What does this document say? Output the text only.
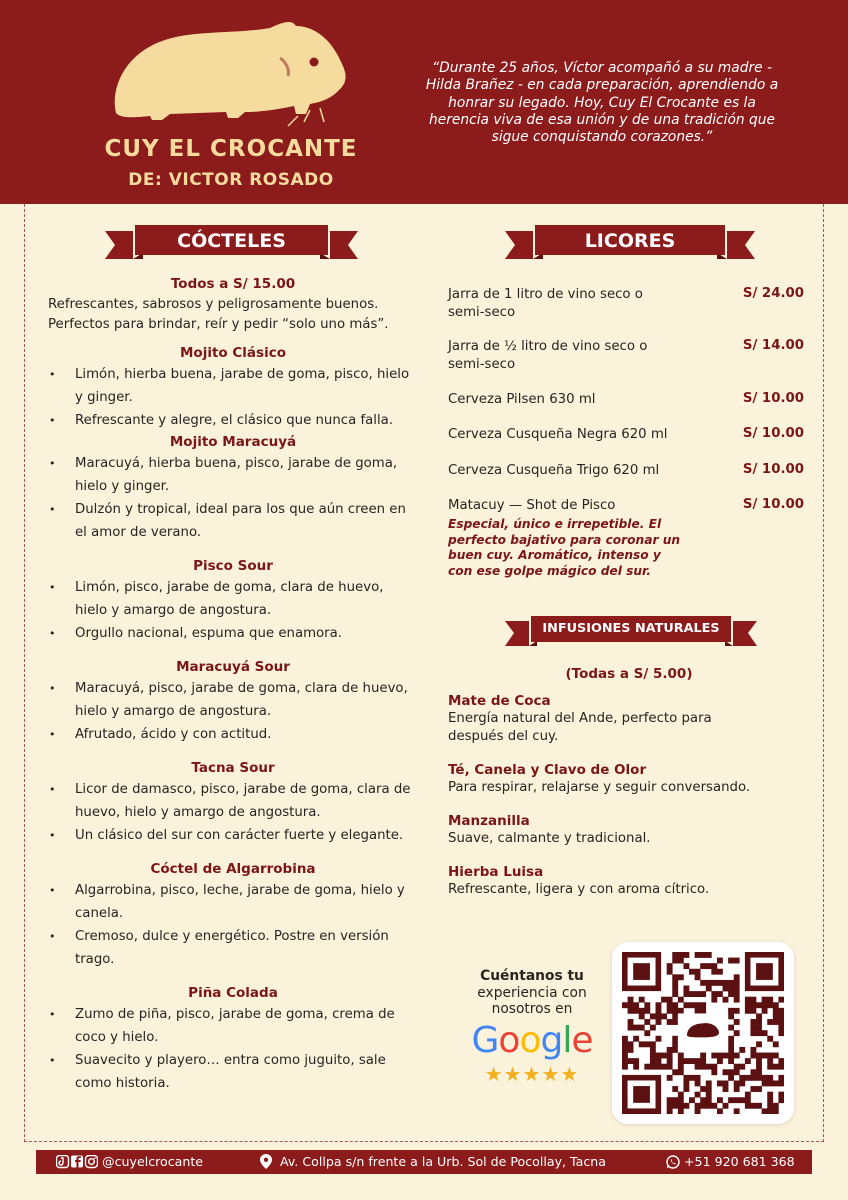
CUY EL CROCANTE
DE: VICTOR ROSADO
“Durante 25 años, Víctor acompañó a su madre - Hilda Brañez - en cada preparación, aprendiendo a honrar su legado. Hoy, Cuy El Crocante es la herencia viva de esa unión y de una tradición que sigue conquistando corazones.”
CÓCTELES
Todos a S/ 15.00
Refrescantes, sabrosos y peligrosamente buenos. Perfectos para brindar, reír y pedir “solo uno más”.
Mojito Clásico
• Limón, hierba buena, jarabe de goma, pisco, hielo y ginger.
• Refrescante y alegre, el clásico que nunca falla.
Mojito Maracuyá
• Maracuyá, hierba buena, pisco, jarabe de goma, hielo y ginger.
• Dulzón y tropical, ideal para los que aún creen en el amor de verano.
Pisco Sour
• Limón, pisco, jarabe de goma, clara de huevo, hielo y amargo de angostura.
• Orgullo nacional, espuma que enamora.
Maracuyá Sour
• Maracuyá, pisco, jarabe de goma, clara de huevo, hielo y amargo de angostura.
• Afrutado, ácido y con actitud.
Tacna Sour
• Licor de damasco, pisco, jarabe de goma, clara de huevo, hielo y amargo de angostura.
• Un clásico del sur con carácter fuerte y elegante.
Cóctel de Algarrobina
• Algarrobina, pisco, leche, jarabe de goma, hielo y canela.
• Cremoso, dulce y energético. Postre en versión trago.
Piña Colada
• Zumo de piña, pisco, jarabe de goma, crema de coco y hielo.
• Suavecito y playero… entra como juguito, sale como historia.
LICORES
Jarra de 1 litro de vino seco o semi-seco
S/ 24.00
Jarra de ½ litro de vino seco o semi-seco
S/ 14.00
Cerveza Pilsen 630 ml	S/ 10.00
Cerveza Cusqueña Negra 620 ml	S/ 10.00
Cerveza Cusqueña Trigo 620 ml	S/ 10.00
Matacuy — Shot de Pisco	S/ 10.00
Especial, único e irrepetible. El perfecto bajativo para coronar un buen cuy. Aromático, intenso y con ese golpe mágico del sur.
INFUSIONES NATURALES
(Todas a S/ 5.00)
Mate de Coca
Energía natural del Ande, perfecto para después del cuy.
Té, Canela y Clavo de Olor
Para respirar, relajarse y seguir conversando.
Manzanilla
Suave, calmante y tradicional.
Hierba Luisa
Refrescante, ligera y con aroma cítrico.
Cuéntanos tu
experiencia con nosotros en
Google
★★★★★
@cuyelcrocante	Av. Collpa s/n frente a la Urb. Sol de Pocollay, Tacna	+51 920 681 368
